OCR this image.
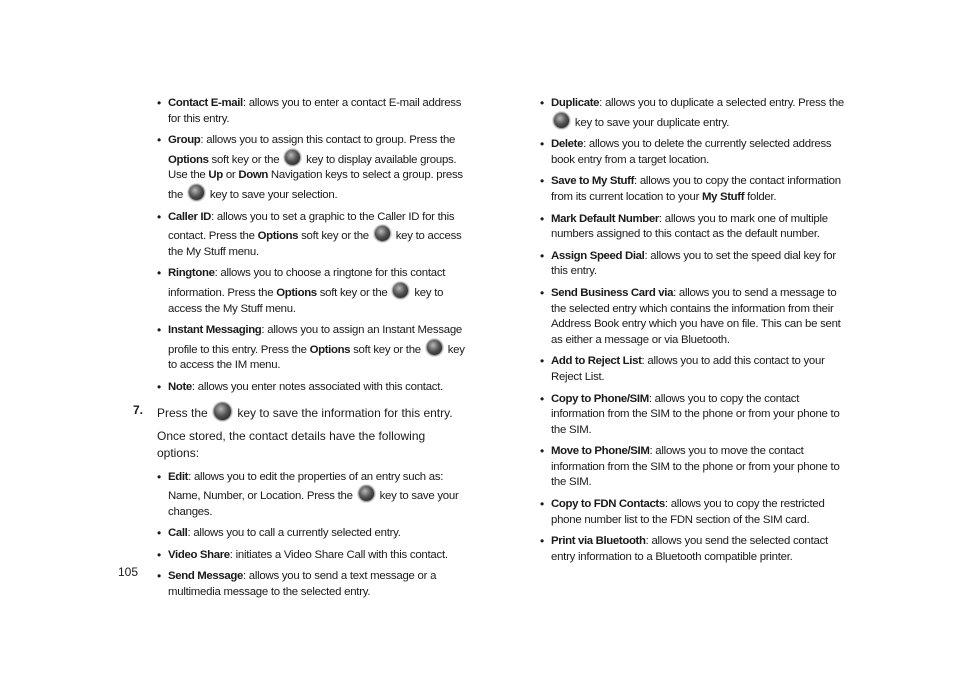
• Contact E-mail: allows you to enter a contact E-mail address for this entry.
• Group: allows you to assign this contact to group. Press the Options soft key or the  key to display available groups. Use the Up or Down Navigation keys to select a group. press the  key to save your selection.
• Caller ID: allows you to set a graphic to the Caller ID for this contact. Press the Options soft key or the  key to access the My Stuff menu.
• Ringtone: allows you to choose a ringtone for this contact information. Press the Options soft key or the  key to access the My Stuff menu.
• Instant Messaging: allows you to assign an Instant Message profile to this entry. Press the Options soft key or the  key to access the IM menu.
• Note: allows you enter notes associated with this contact.
7. Press the  key to save the information for this entry.

Once stored, the contact details have the following options:

• Edit: allows you to edit the properties of an entry such as: Name, Number, or Location. Press the  key to save your changes.
• Call: allows you to call a currently selected entry.
• Video Share: initiates a Video Share Call with this contact.
• Send Message: allows you to send a text message or a multimedia message to the selected entry.
• Duplicate: allows you to duplicate a selected entry. Press the  key to save your duplicate entry.
• Delete: allows you to delete the currently selected address book entry from a target location.
• Save to My Stuff: allows you to copy the contact information from its current location to your My Stuff folder.
• Mark Default Number: allows you to mark one of multiple numbers assigned to this contact as the default number.
• Assign Speed Dial: allows you to set the speed dial key for this entry.
• Send Business Card via: allows you to send a message to the selected entry which contains the information from their Address Book entry which you have on file. This can be sent as either a message or via Bluetooth.
• Add to Reject List: allows you to add this contact to your Reject List.
• Copy to Phone/SIM: allows you to copy the contact information from the SIM to the phone or from your phone to the SIM.
• Move to Phone/SIM: allows you to move the contact information from the SIM to the phone or from your phone to the SIM.
• Copy to FDN Contacts: allows you to copy the restricted phone number list to the FDN section of the SIM card.
• Print via Bluetooth: allows you send the selected contact entry information to a Bluetooth compatible printer.
105
